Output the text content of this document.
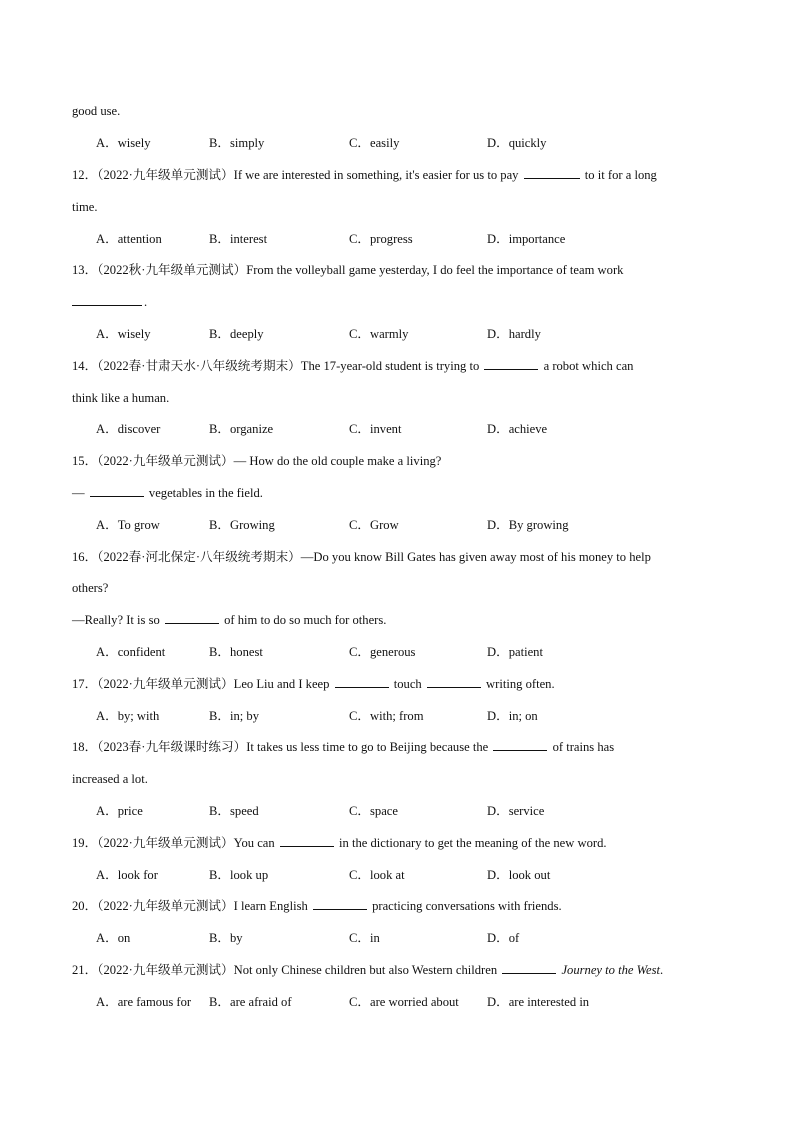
good use.
A．wisely	B．simply	C．easily	D．quickly
12．（2022·九年级单元测试）If we are interested in something, it's easier for us to pay	to it for a long
time.
A．attention	B．interest	C．progress	D．importance
13．（2022秋·九年级单元测试）From the volleyball game yesterday, I do feel the importance of team work
.
A．wisely	B．deeply	C．warmly	D．hardly
14．（2022春·甘肃天水·八年级统考期末）The 17-year-old student is trying to	a robot which can
think like a human.
A．discover	B．organize	C．invent	D．achieve
15．（2022·九年级单元测试）— How do the old couple make a living?
—	vegetables in the field.
A．To grow	B．Growing	C．Grow	D．By growing
16．（2022春·河北保定·八年级统考期末）—Do you know Bill Gates has given away most of his money to help
others?
—Really? It is so	of him to do so much for others.
A．confident	B．honest	C．generous	D．patient
17．（2022·九年级单元测试）Leo Liu and I keep	touch	writing often.
A．by; with	B．in; by	C．with; from	D．in; on
18．（2023春·九年级课时练习）It takes us less time to go to Beijing because the	of trains has
increased a lot.
A．price	B．speed	C．space	D．service
19．（2022·九年级单元测试）You can	in the dictionary to get the meaning of the new word.
A．look for	B．look up	C．look at	D．look out
20．（2022·九年级单元测试）I learn English	practicing conversations with friends.
A．on	B．by	C．in	D．of
21．（2022·九年级单元测试）Not only Chinese children but also Western children	Journey to the West.
A．are famous for B．are afraid of	C．are worried about D．are interested in
